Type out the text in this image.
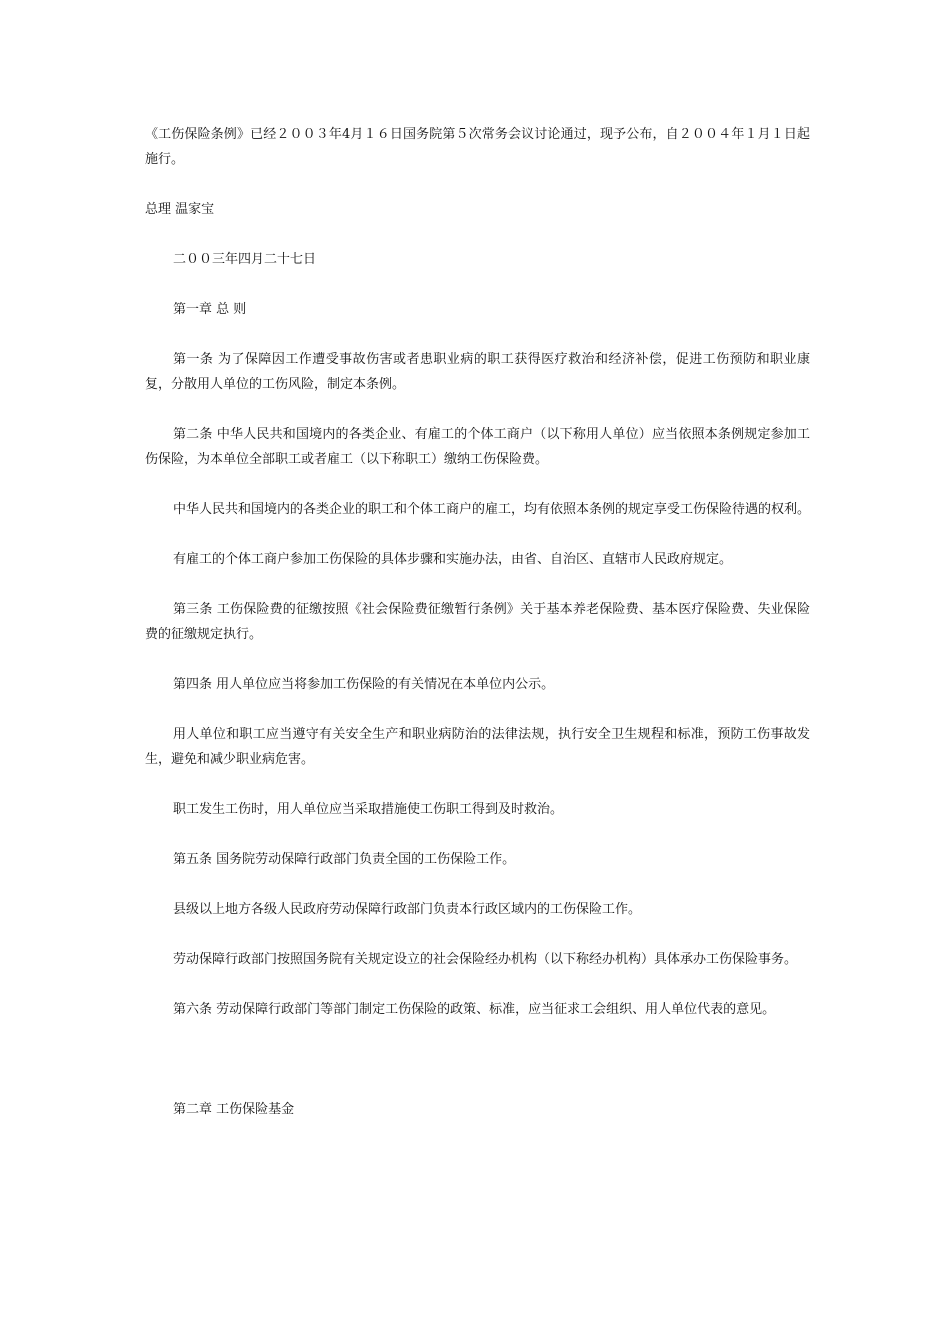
《工伤保险条例》已经２００３年4月１６日国务院第５次常务会议讨论通过，现予公布，自２００４年１月１日起施行。

总理 温家宝

二００三年四月二十七日

第一章 总 则

第一条 为了保障因工作遭受事故伤害或者患职业病的职工获得医疗救治和经济补偿，促进工伤预防和职业康复，分散用人单位的工伤风险，制定本条例。

第二条 中华人民共和国境内的各类企业、有雇工的个体工商户（以下称用人单位）应当依照本条例规定参加工伤保险，为本单位全部职工或者雇工（以下称职工）缴纳工伤保险费。

中华人民共和国境内的各类企业的职工和个体工商户的雇工，均有依照本条例的规定享受工伤保险待遇的权利。

有雇工的个体工商户参加工伤保险的具体步骤和实施办法，由省、自治区、直辖市人民政府规定。

第三条 工伤保险费的征缴按照《社会保险费征缴暂行条例》关于基本养老保险费、基本医疗保险费、失业保险费的征缴规定执行。

第四条 用人单位应当将参加工伤保险的有关情况在本单位内公示。

用人单位和职工应当遵守有关安全生产和职业病防治的法律法规，执行安全卫生规程和标准，预防工伤事故发生，避免和减少职业病危害。

职工发生工伤时，用人单位应当采取措施使工伤职工得到及时救治。

第五条 国务院劳动保障行政部门负责全国的工伤保险工作。

县级以上地方各级人民政府劳动保障行政部门负责本行政区域内的工伤保险工作。

劳动保障行政部门按照国务院有关规定设立的社会保险经办机构（以下称经办机构）具体承办工伤保险事务。

第六条 劳动保障行政部门等部门制定工伤保险的政策、标准，应当征求工会组织、用人单位代表的意见。

第二章 工伤保险基金
